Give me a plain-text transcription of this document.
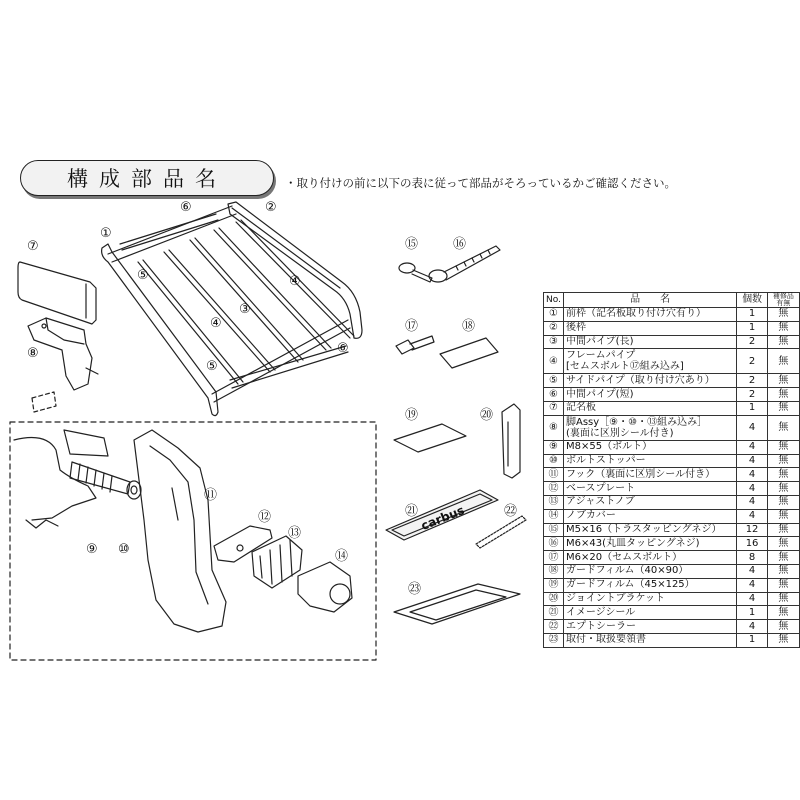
構成部品名	・取り付けの前に以下の表に従って部品がそろっているかご確認ください。
carbus
①
②
③
④
④
⑤
⑤
⑥
⑥
⑦
⑧
⑨ ⑩
⑪
⑫
⑬
⑭
⑮	⑯
⑰	⑱
⑲	⑳
㉑	㉒
㉓
No.	品　　名	個数	補修品
有無

①	前枠（記名板取り付け穴有り）	1	無
②	後枠	1	無
③	中間パイプ(長)	2	無
④	フレームパイプ
[セムスボルト⑰組み込み]	2	無
⑤	サイドパイプ（取り付け穴あり）	2	無
⑥	中間パイプ(短)	2	無
⑦	記名板	1	無
⑧	脚Assy［⑨・⑩・⑬組み込み］
(裏面に区別シール付き)	4	無
⑨	M8×55（ボルト）	4	無
⑩	ボルトストッパー	4	無
⑪	フック（裏面に区別シール付き）	4	無
⑫	ベースプレート	4	無
⑬	アジャストノブ	4	無
⑭	ノブカバー	4	無
⑮	M5×16（トラスタッピングネジ）	12	無
⑯	M6×43(丸皿タッピングネジ)	16	無
⑰	M6×20（セムスボルト）	8	無
⑱	ガードフィルム（40×90）	4	無
⑲	ガードフィルム（45×125）	4	無
⑳	ジョイントブラケット	4	無
㉑	イメージシール	1	無
㉒	エプトシーラー	4	無
㉓	取付・取扱要領書	1	無
